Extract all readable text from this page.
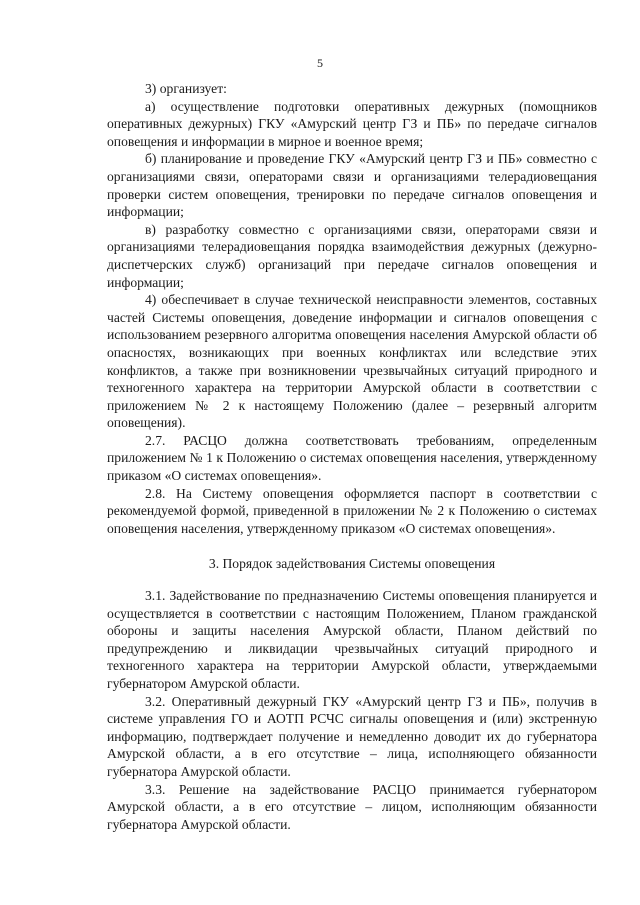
5

3) организует:

а) осуществление подготовки оперативных дежурных (помощников оперативных дежурных) ГКУ «Амурский центр ГЗ и ПБ» по передаче сигналов оповещения и информации в мирное и военное время;

б) планирование и проведение ГКУ «Амурский центр ГЗ и ПБ» совместно с организациями связи, операторами связи и организациями телерадиовещания проверки систем оповещения, тренировки по передаче сигналов оповещения и информации;

в) разработку совместно с организациями связи, операторами связи и организациями телерадиовещания порядка взаимодействия дежурных (дежурно-диспетчерских служб) организаций при передаче сигналов оповещения и информации;

4) обеспечивает в случае технической неисправности элементов, составных частей Системы оповещения, доведение информации и сигналов оповещения с использованием резервного алгоритма оповещения населения Амурской области об опасностях, возникающих при военных конфликтах или вследствие этих конфликтов, а также при возникновении чрезвычайных ситуаций природного и техногенного характера на территории Амурской области в соответствии с приложением № 2 к настоящему Положению (далее – резервный алгоритм оповещения).

2.7. РАСЦО должна соответствовать требованиям, определенным приложением № 1 к Положению о системах оповещения населения, утвержденному приказом «О системах оповещения».

2.8. На Систему оповещения оформляется паспорт в соответствии с рекомендуемой формой, приведенной в приложении № 2 к Положению о системах оповещения населения, утвержденному приказом «О системах оповещения».

3. Порядок задействования Системы оповещения

3.1. Задействование по предназначению Системы оповещения планируется и осуществляется в соответствии с настоящим Положением, Планом гражданской обороны и защиты населения Амурской области, Планом действий по предупреждению и ликвидации чрезвычайных ситуаций природного и техногенного характера на территории Амурской области, утверждаемыми губернатором Амурской области.

3.2. Оперативный дежурный ГКУ «Амурский центр ГЗ и ПБ», получив в системе управления ГО и АОТП РСЧС сигналы оповещения и (или) экстренную информацию, подтверждает получение и немедленно доводит их до губернатора Амурской области, а в его отсутствие – лица, исполняющего обязанности губернатора Амурской области.

3.3. Решение на задействование РАСЦО принимается губернатором Амурской области, а в его отсутствие – лицом, исполняющим обязанности губернатора Амурской области.
